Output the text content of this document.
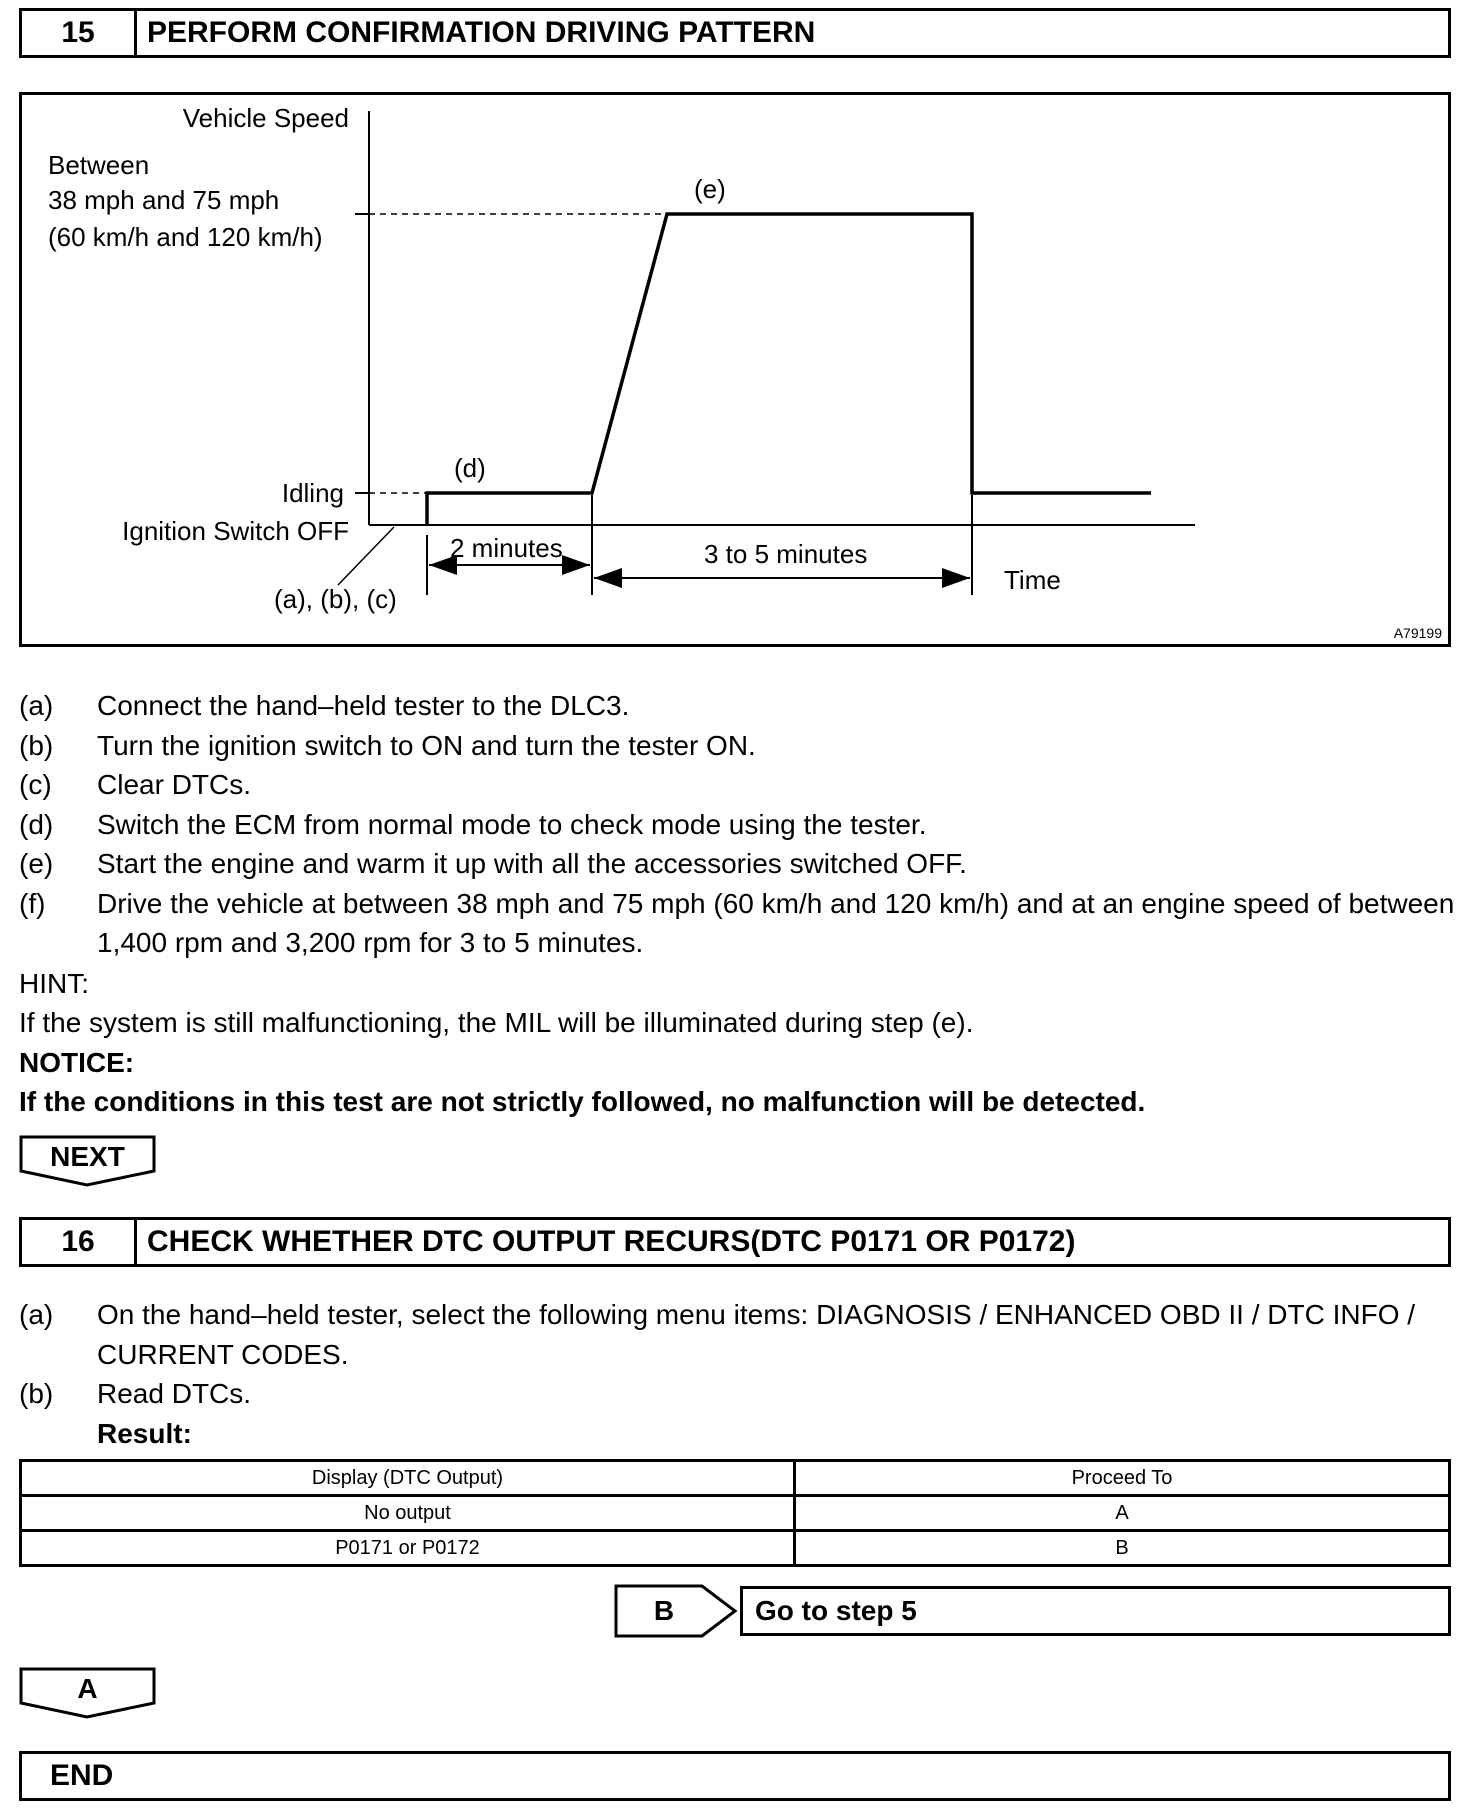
15	PERFORM CONFIRMATION DRIVING PATTERN
Vehicle Speed
Between
38 mph and 75 mph
(60 km/h and 120 km/h)
Idling
Ignition Switch OFF
(a), (b), (c)
(d)
(e)
2 minutes	3 to 5 minutes
Time
A79199
(a)	Connect the hand–held tester to the DLC3.
(b)	Turn the ignition switch to ON and turn the tester ON.
(c)	Clear DTCs.
(d)	Switch the ECM from normal mode to check mode using the tester.
(e)	Start the engine and warm it up with all the accessories switched OFF.
(f)	Drive the vehicle at between 38 mph and 75 mph (60 km/h and 120 km/h) and at an engine speed of between 1,400 rpm and 3,200 rpm for 3 to 5 minutes.
HINT:
If the system is still malfunctioning, the MIL will be illuminated during step (e).
NOTICE:
If the conditions in this test are not strictly followed, no malfunction will be detected.
NEXT
16	CHECK WHETHER DTC OUTPUT RECURS(DTC P0171 OR P0172)
(a)	On the hand–held tester, select the following menu items: DIAGNOSIS / ENHANCED OBD II / DTC INFO / CURRENT CODES.
(b)	Read DTCs.
Result:
Display (DTC Output)	Proceed To
No output	A
P0171 or P0172	B
B	Go to step 5
A
END
